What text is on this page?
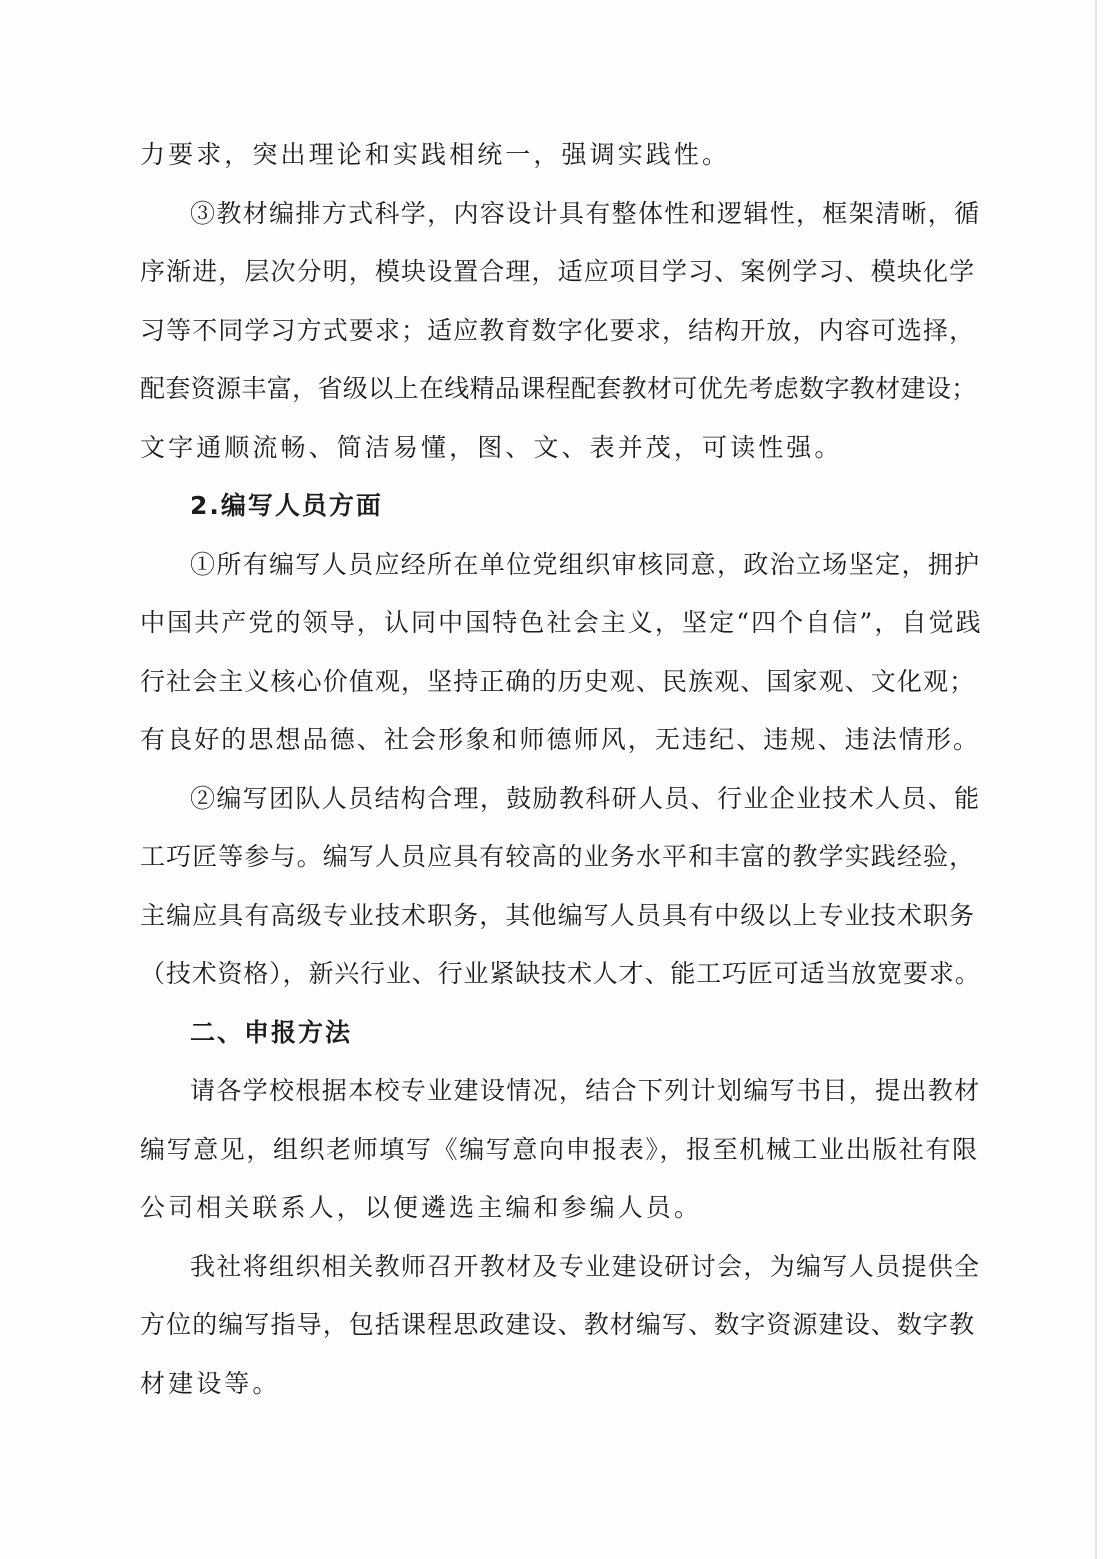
力要求，突出理论和实践相统一，强调实践性。
③教材编排方式科学，内容设计具有整体性和逻辑性，框架清晰，循
序渐进，层次分明，模块设置合理，适应项目学习、案例学习、模块化学
习等不同学习方式要求；适应教育数字化要求，结构开放，内容可选择，
配套资源丰富，省级以上在线精品课程配套教材可优先考虑数字教材建设；
文字通顺流畅、简洁易懂，图、文、表并茂，可读性强。
2.编写人员方面
①所有编写人员应经所在单位党组织审核同意，政治立场坚定，拥护
中国共产党的领导，认同中国特色社会主义，坚定“四个自信”，自觉践
行社会主义核心价值观，坚持正确的历史观、民族观、国家观、文化观；
有良好的思想品德、社会形象和师德师风，无违纪、违规、违法情形。
②编写团队人员结构合理，鼓励教科研人员、行业企业技术人员、能
工巧匠等参与。编写人员应具有较高的业务水平和丰富的教学实践经验，
主编应具有高级专业技术职务，其他编写人员具有中级以上专业技术职务
（技术资格），新兴行业、行业紧缺技术人才、能工巧匠可适当放宽要求。
二、申报方法
请各学校根据本校专业建设情况，结合下列计划编写书目，提出教材
编写意见，组织老师填写《编写意向申报表》，报至机械工业出版社有限
公司相关联系人，以便遴选主编和参编人员。
我社将组织相关教师召开教材及专业建设研讨会，为编写人员提供全
方位的编写指导，包括课程思政建设、教材编写、数字资源建设、数字教
材建设等。
